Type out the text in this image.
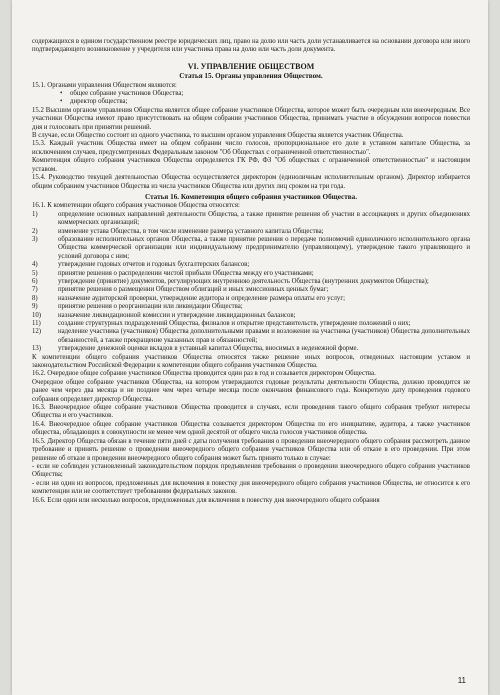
содержащихся в едином государственном реестре юридических лиц, право на долю или часть доли устанавливается на основании договора или иного подтверждающего возникновение у учредителя или участника права на долю или часть доли документа.

VI. УПРАВЛЕНИЕ ОБЩЕСТВОМ

Статья 15. Органы управления Обществом.

15.1. Органами управления Обществом являются:

• общее собрание участников Общества;
• директор общества;

15.2 Высшим органом управления Общества является общее собрание участников Общества, которое может быть очередным или внеочередным. Все участники Общества имеют право присутствовать на общем собрании участников Общества, принимать участие в обсуждении вопросов повестки дня и голосовать при принятии решений.

В случае, если Общество состоит из одного участника, то высшим органом управления Общества является участник Общества.

15.3. Каждый участник Общества имеет на общем собрании число голосов, пропорциональное его доле в уставном капитале Общества, за исключением случаев, предусмотренных Федеральным законом "Об Обществах с ограниченной ответственностью".

Компетенция общего собрания участников Общества определяется ГК РФ, ФЗ "Об обществах с ограниченной ответственностью" и настоящим уставом.

15.4. Руководство текущей деятельностью Общества осуществляется директором (единоличным исполнительным органом). Директор избирается общим собранием участников Общества из числа участников Общества или других лиц сроком на три года.

Статья 16. Компетенция общего собрания участников Общества.

16.1. К компетенции общего собрания участников Общества относятся:

1)	определение основных направлений деятельности Общества, а также принятие решения об участии в ассоциациях и других объединениях коммерческих организаций;
2)	изменение устава Общества, в том числе изменение размера уставного капитала Общества;
3)	образование исполнительных органов Общества, а также принятие решения о передаче полномочий единоличного исполнительного органа Общества коммерческой организации или индивидуальному предпринимателю (управляющему), утверждение такого управляющего и условий договора с ним;
4)	утверждение годовых отчетов и годовых бухгалтерских балансов;
5)	принятие решения о распределении чистой прибыли Общества между его участниками;
6)	утверждение (принятие) документов, регулирующих внутреннюю деятельность Общества (внутренних документов Общества);
7)	принятие решения о размещении Обществом облигаций и иных эмиссионных ценных бумаг;
8)	назначение аудиторской проверки, утверждение аудитора и определение размера оплаты его услуг;
9)	принятие решения о реорганизации или ликвидации Общества;
10)	назначение ликвидационной комиссии и утверждение ликвидационных балансов;
11)	создание структурных подразделений Общества, филиалов и открытие представительств, утверждение положений о них;
12)	наделение участника (участников) Общества дополнительными правами и возложение на участника (участников) Общества дополнительных обязанностей, а также прекращение указанных прав и обязанностей;
13)	утверждение денежной оценки вкладов в уставный капитал Общества, вносимых в неденежной форме.

К компетенции общего собрания участников Общества относятся также решение иных вопросов, отведенных настоящим уставом и законодательством Российской Федерации к компетенции общего собрания участников Общества.

16.2. Очередное общее собрание участников Общества проводится один раз в год и созывается директором Общества.

Очередное общее собрание участников Общества, на котором утверждаются годовые результаты деятельности Общества, должно проводится не ранее чем через два месяца и не позднее чем через четыре месяца после окончания финансового года. Конкретную дату проведения годового собрания определяет директор Общества.

16.3. Внеочередное общее собрание участников Общества проводится в случаях, если проведения такого общего собрания требуют интересы Общества и его участников.

16.4. Внеочередное общее собрание участников Общества созывается директором Общества по его инициативе, аудитора, а также участников общества, обладающих в совокупности не менее чем одной десятой от общего числа голосов участников общества.

16.5. Директор Общества обязан в течение пяти дней с даты получения требования о проведении внеочередного общего собрания рассмотреть данное требование и принять решение о проведении внеочередного общего собрания участников Общества или об отказе в его проведении. При этом решение об отказе в проведении внеочередного общего собрания может быть принято только в случае:

- если не соблюден установленный законодательством порядок предъявления требования о проведении внеочередного общего собрания участников Общества;

- если ни один из вопросов, предложенных для включения в повестку дня внеочередного общего собрания участников Общества, не относится к его компетенции или не соответствует требованиям федеральных законов.

16.6. Если один или несколько вопросов, предложенных для включения в повестку дня внеочередного общего собрания

11
